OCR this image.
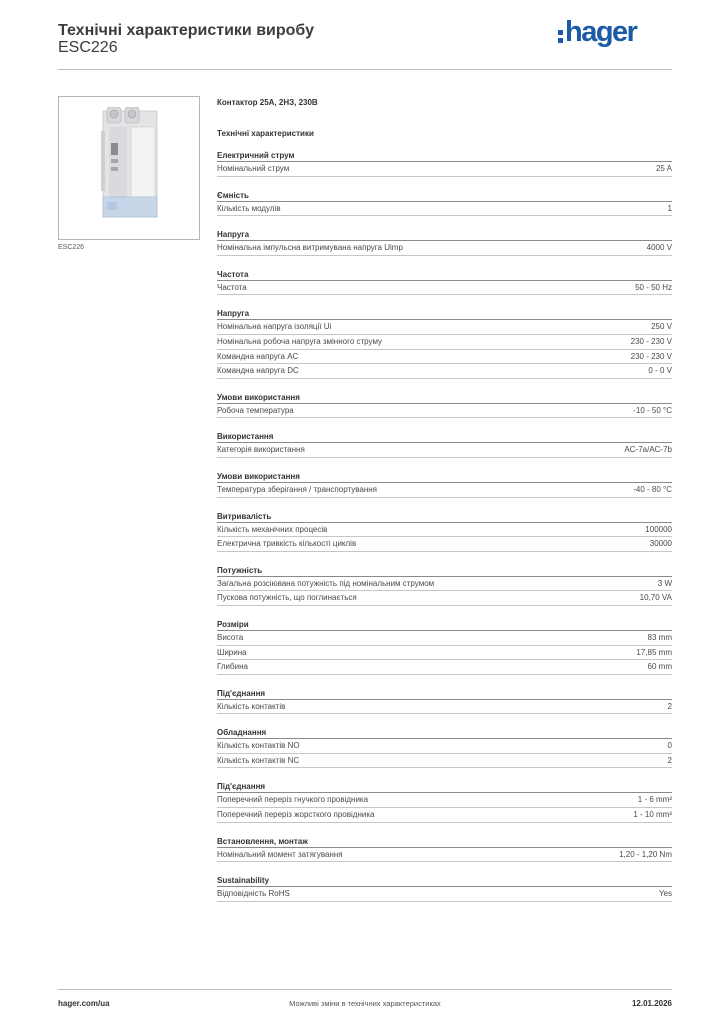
Технічні характеристики виробу
ESC226	hager
ESC226
Контактор 25A, 2НЗ, 230В
Технічні характеристики
Електричний струм
Номінальний струм	25 A
Ємність
Кількість модулів	1
Напруга
Номінальна імпульсна витримувана напруга Uimp	4000 V
Частота
Частота	50 - 50 Hz
Напруга
Номінальна напруга ізоляції Ui	250 V
Номінальна робоча напруга змінного струму	230 - 230 V
Командна напруга AC	230 - 230 V
Командна напруга DC	0 - 0 V
Умови використання
Робоча температура	-10 - 50 °C
Використання
Категорія використання	AC-7a/AC-7b
Умови використання
Температура зберігання / транспортування	-40 - 80 °C
Витривалість
Кількість механічних процесів	100000
Електрична тривкість кількості циклів	30000
Потужність
Загальна розсіювана потужність під номінальним струмом	3 W
Пускова потужність, що поглинається	10,70 VA
Розміри
Висота	83 mm
Ширина	17,85 mm
Глибина	60 mm
Під'єднання
Кількість контактів	2
Обладнання
Кількість контактів NO	0
Кількість контактів NC	2
Під'єднання
Поперечний переріз гнучкого провідника	1 - 6 mm²
Поперечний переріз жорсткого провідника	1 - 10 mm²
Встановлення, монтаж
Номінальний момент затягування	1,20 - 1,20 Nm
Sustainability
Відповідність RoHS	Yes
hager.com/ua	Можливі зміни в технічних характеристиках	12.01.2026
